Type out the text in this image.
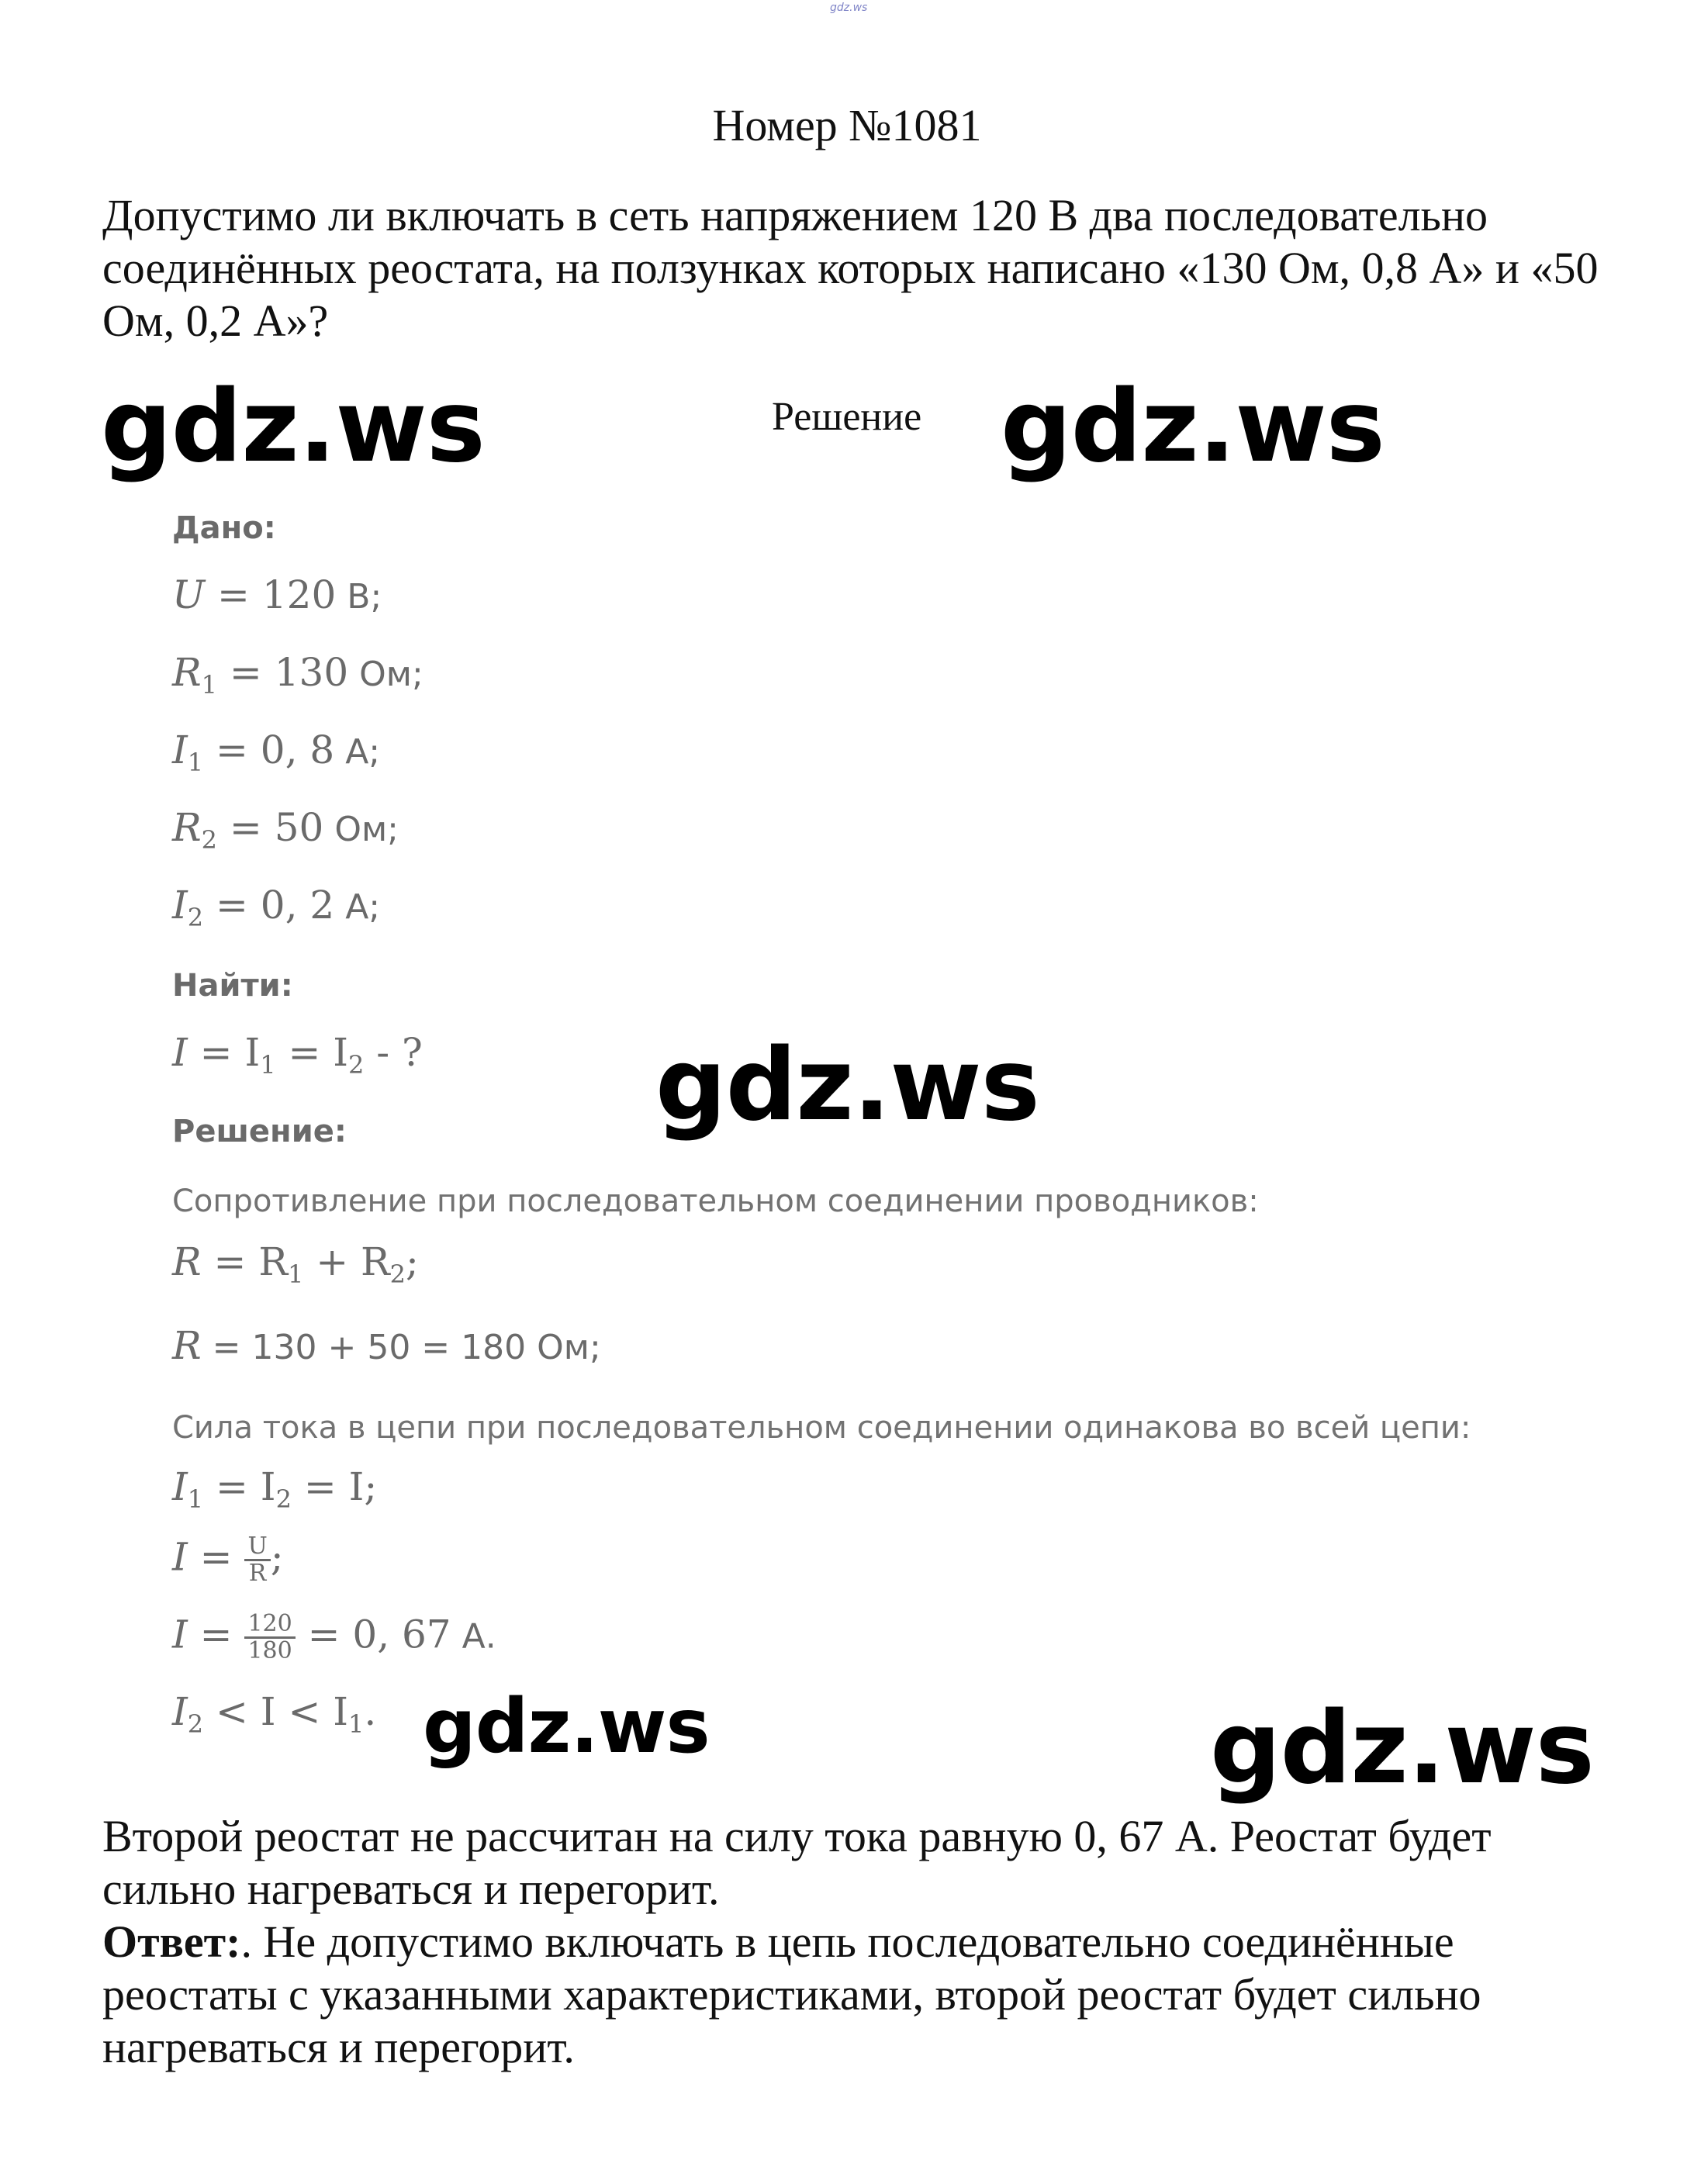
gdz.ws
Номер №1081
Допустимо ли включать в сеть напряжением 120 В два последовательно соединённых реостата, на ползунках которых написано «130 Ом, 0,8 А» и «50 Ом, 0,2 А»?
gdz.ws	Решение gdz.ws
Дано:
U = 120 В;
$R_1 = 130$ Ом;
$I_1 = 0$, 8 А;
$R_2 = 50$ Ом;
$I_2 = 0$, 2 А;
Найти:
$I = I_1 = I_2$ - ?
Решение:
Сопротивление при последовательном соединении проводников:
$R = R_1 + R_2$;
R = 130 + 50 = 180 Ом;
Сила тока в цепи при последовательном соединении одинакова во всей цепи:
$I_1 = I_2 = I$;
$I = \frac{U}{R}$ ;
$I = \frac{120}{180} = 0$, 67 А.
$I_2 < I < I_1$.
gdz.ws
gdz.ws	gdz.ws
Второй реостат не рассчитан на силу тока равную 0, 67 А. Реостат будет сильно нагреваться и перегорит.
Ответ:. Не допустимо включать в цепь последовательно соединённые реостаты с указанными характеристиками, второй реостат будет сильно нагреваться и перегорит.
